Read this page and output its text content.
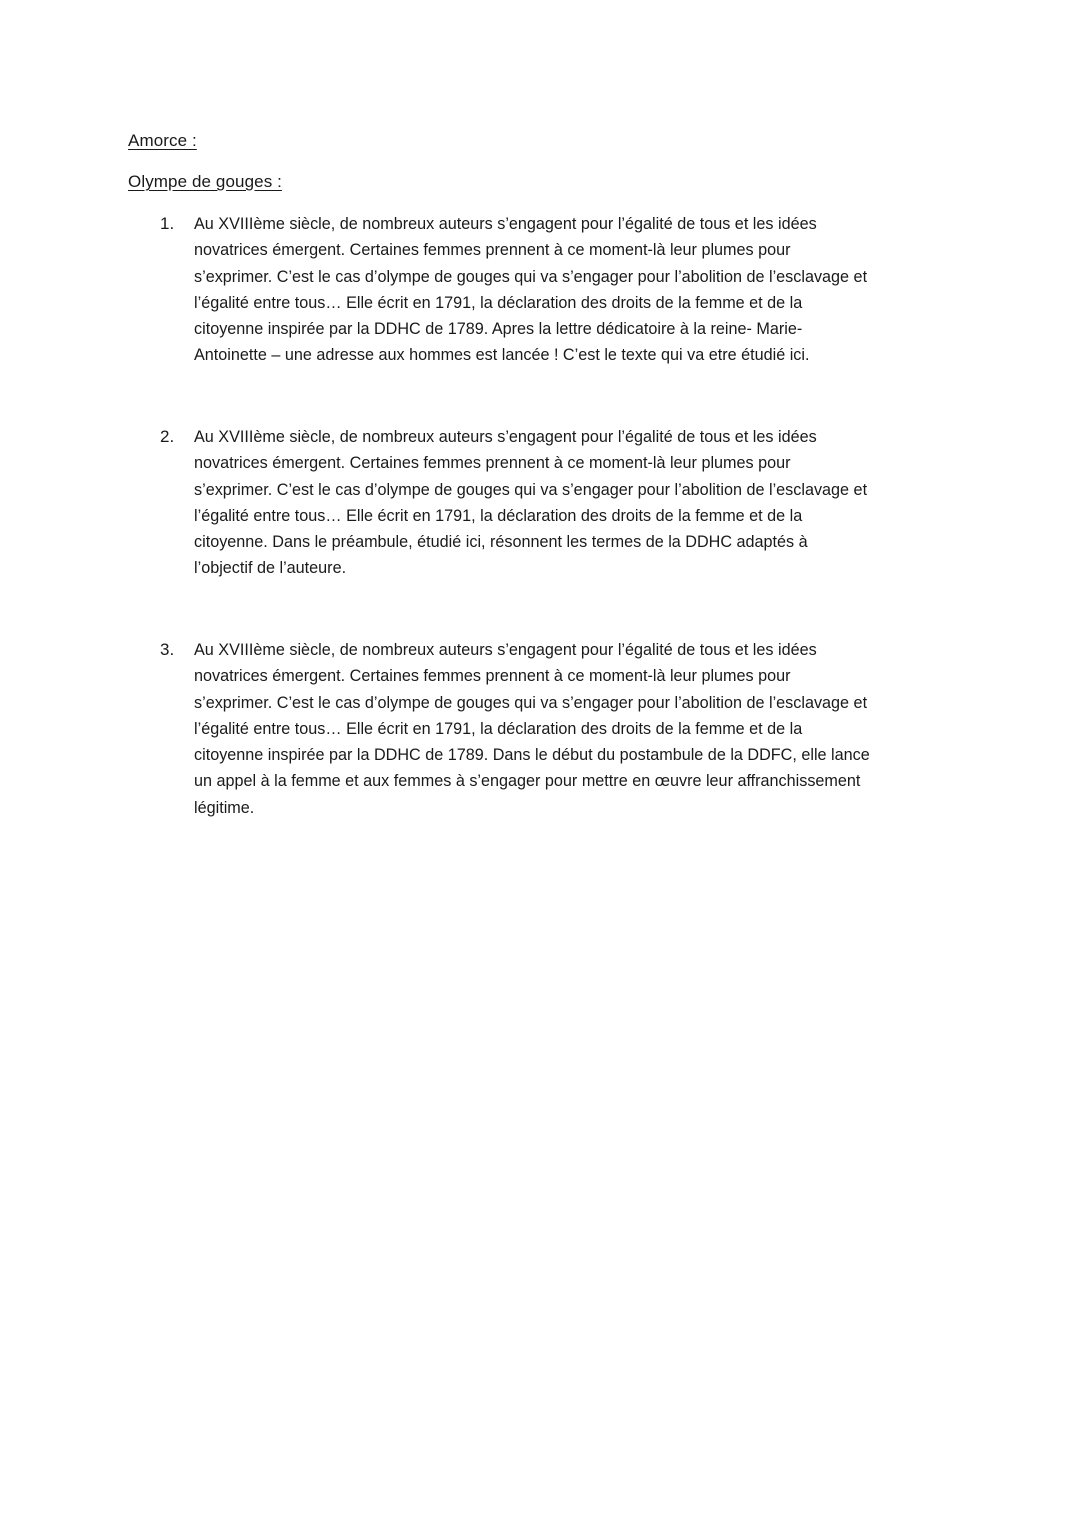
Amorce :
Olympe de gouges :
1.	Au XVIIIème siècle, de nombreux auteurs s’engagent pour l’égalité de tous et les idées
novatrices émergent. Certaines femmes prennent à ce moment-là leur plumes pour
s’exprimer. C’est le cas d’olympe de gouges qui va s’engager pour l’abolition de l’esclavage et
l’égalité entre tous… Elle écrit en 1791, la déclaration des droits de la femme et de la
citoyenne inspirée par la DDHC de 1789. Apres la lettre dédicatoire à la reine- Marie-
Antoinette – une adresse aux hommes est lancée ! C’est le texte qui va etre étudié ici.
2.	Au XVIIIème siècle, de nombreux auteurs s’engagent pour l’égalité de tous et les idées
novatrices émergent. Certaines femmes prennent à ce moment-là leur plumes pour
s’exprimer. C’est le cas d’olympe de gouges qui va s’engager pour l’abolition de l’esclavage et
l’égalité entre tous… Elle écrit en 1791, la déclaration des droits de la femme et de la
citoyenne. Dans le préambule, étudié ici, résonnent les termes de la DDHC adaptés à
l’objectif de l’auteure.
3.	Au XVIIIème siècle, de nombreux auteurs s’engagent pour l’égalité de tous et les idées
novatrices émergent. Certaines femmes prennent à ce moment-là leur plumes pour
s’exprimer. C’est le cas d’olympe de gouges qui va s’engager pour l’abolition de l’esclavage et
l’égalité entre tous… Elle écrit en 1791, la déclaration des droits de la femme et de la
citoyenne inspirée par la DDHC de 1789. Dans le début du postambule de la DDFC, elle lance
un appel à la femme et aux femmes à s’engager pour mettre en œuvre leur affranchissement
légitime.
